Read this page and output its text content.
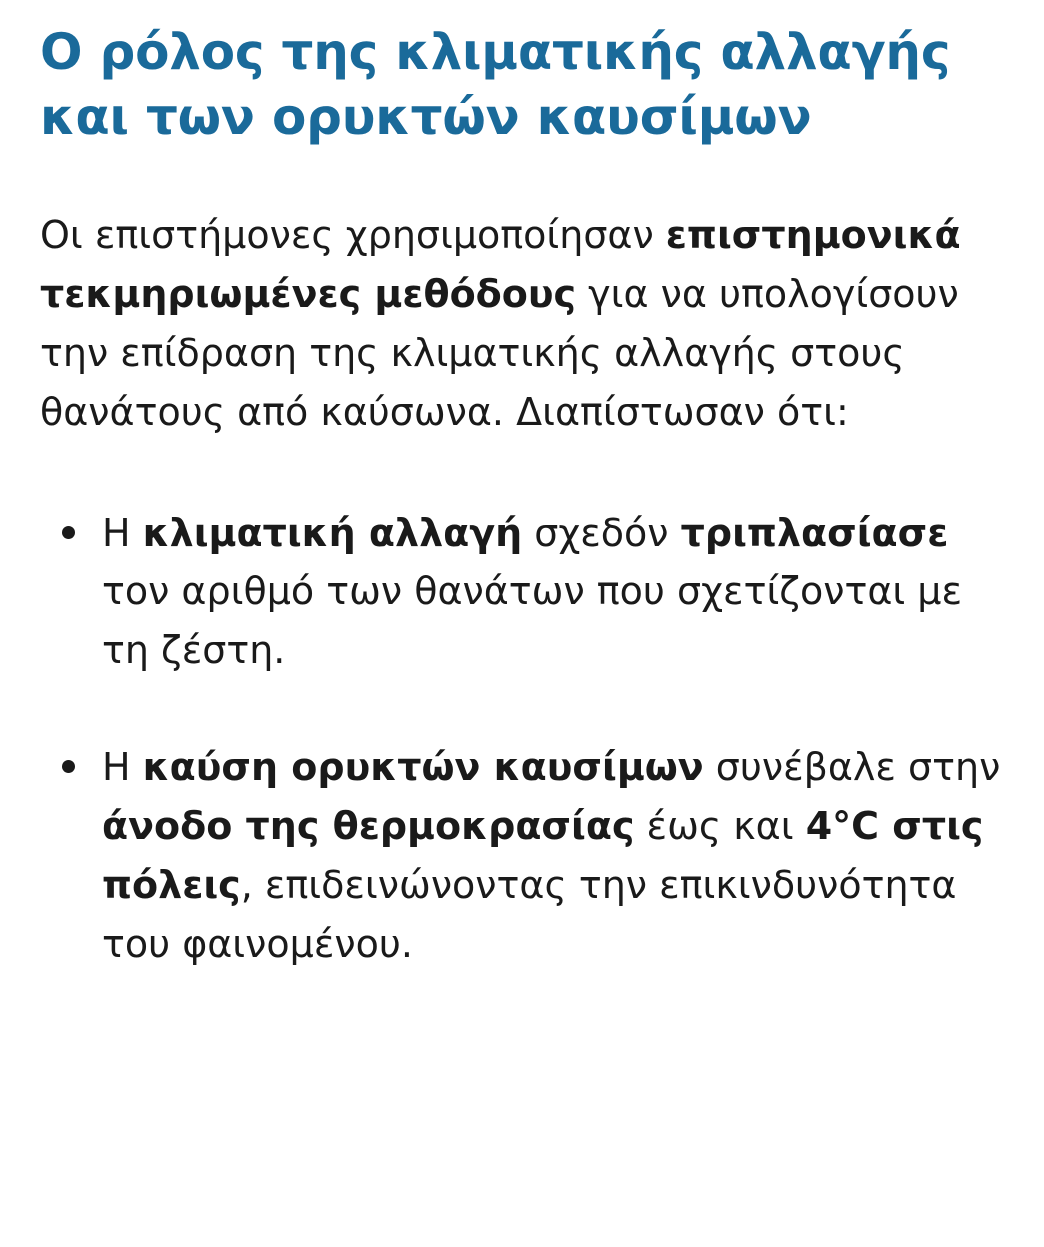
Ο ρόλος της κλιματικής αλλαγής και των ορυκτών καυσίμων

Οι επιστήμονες χρησιμοποίησαν επιστημονικά τεκμηριωμένες μεθόδους για να υπολογίσουν την επίδραση της κλιματικής αλλαγής στους θανάτους από καύσωνα. Διαπίστωσαν ότι:

Η κλιματική αλλαγή σχεδόν τριπλασίασε τον αριθμό των θανάτων που σχετίζονται με τη ζέστη.
Η καύση ορυκτών καυσίμων συνέβαλε στην άνοδο της θερμοκρασίας έως και 4°C στις πόλεις, επιδεινώνοντας την επικινδυνότητα του φαινομένου.
